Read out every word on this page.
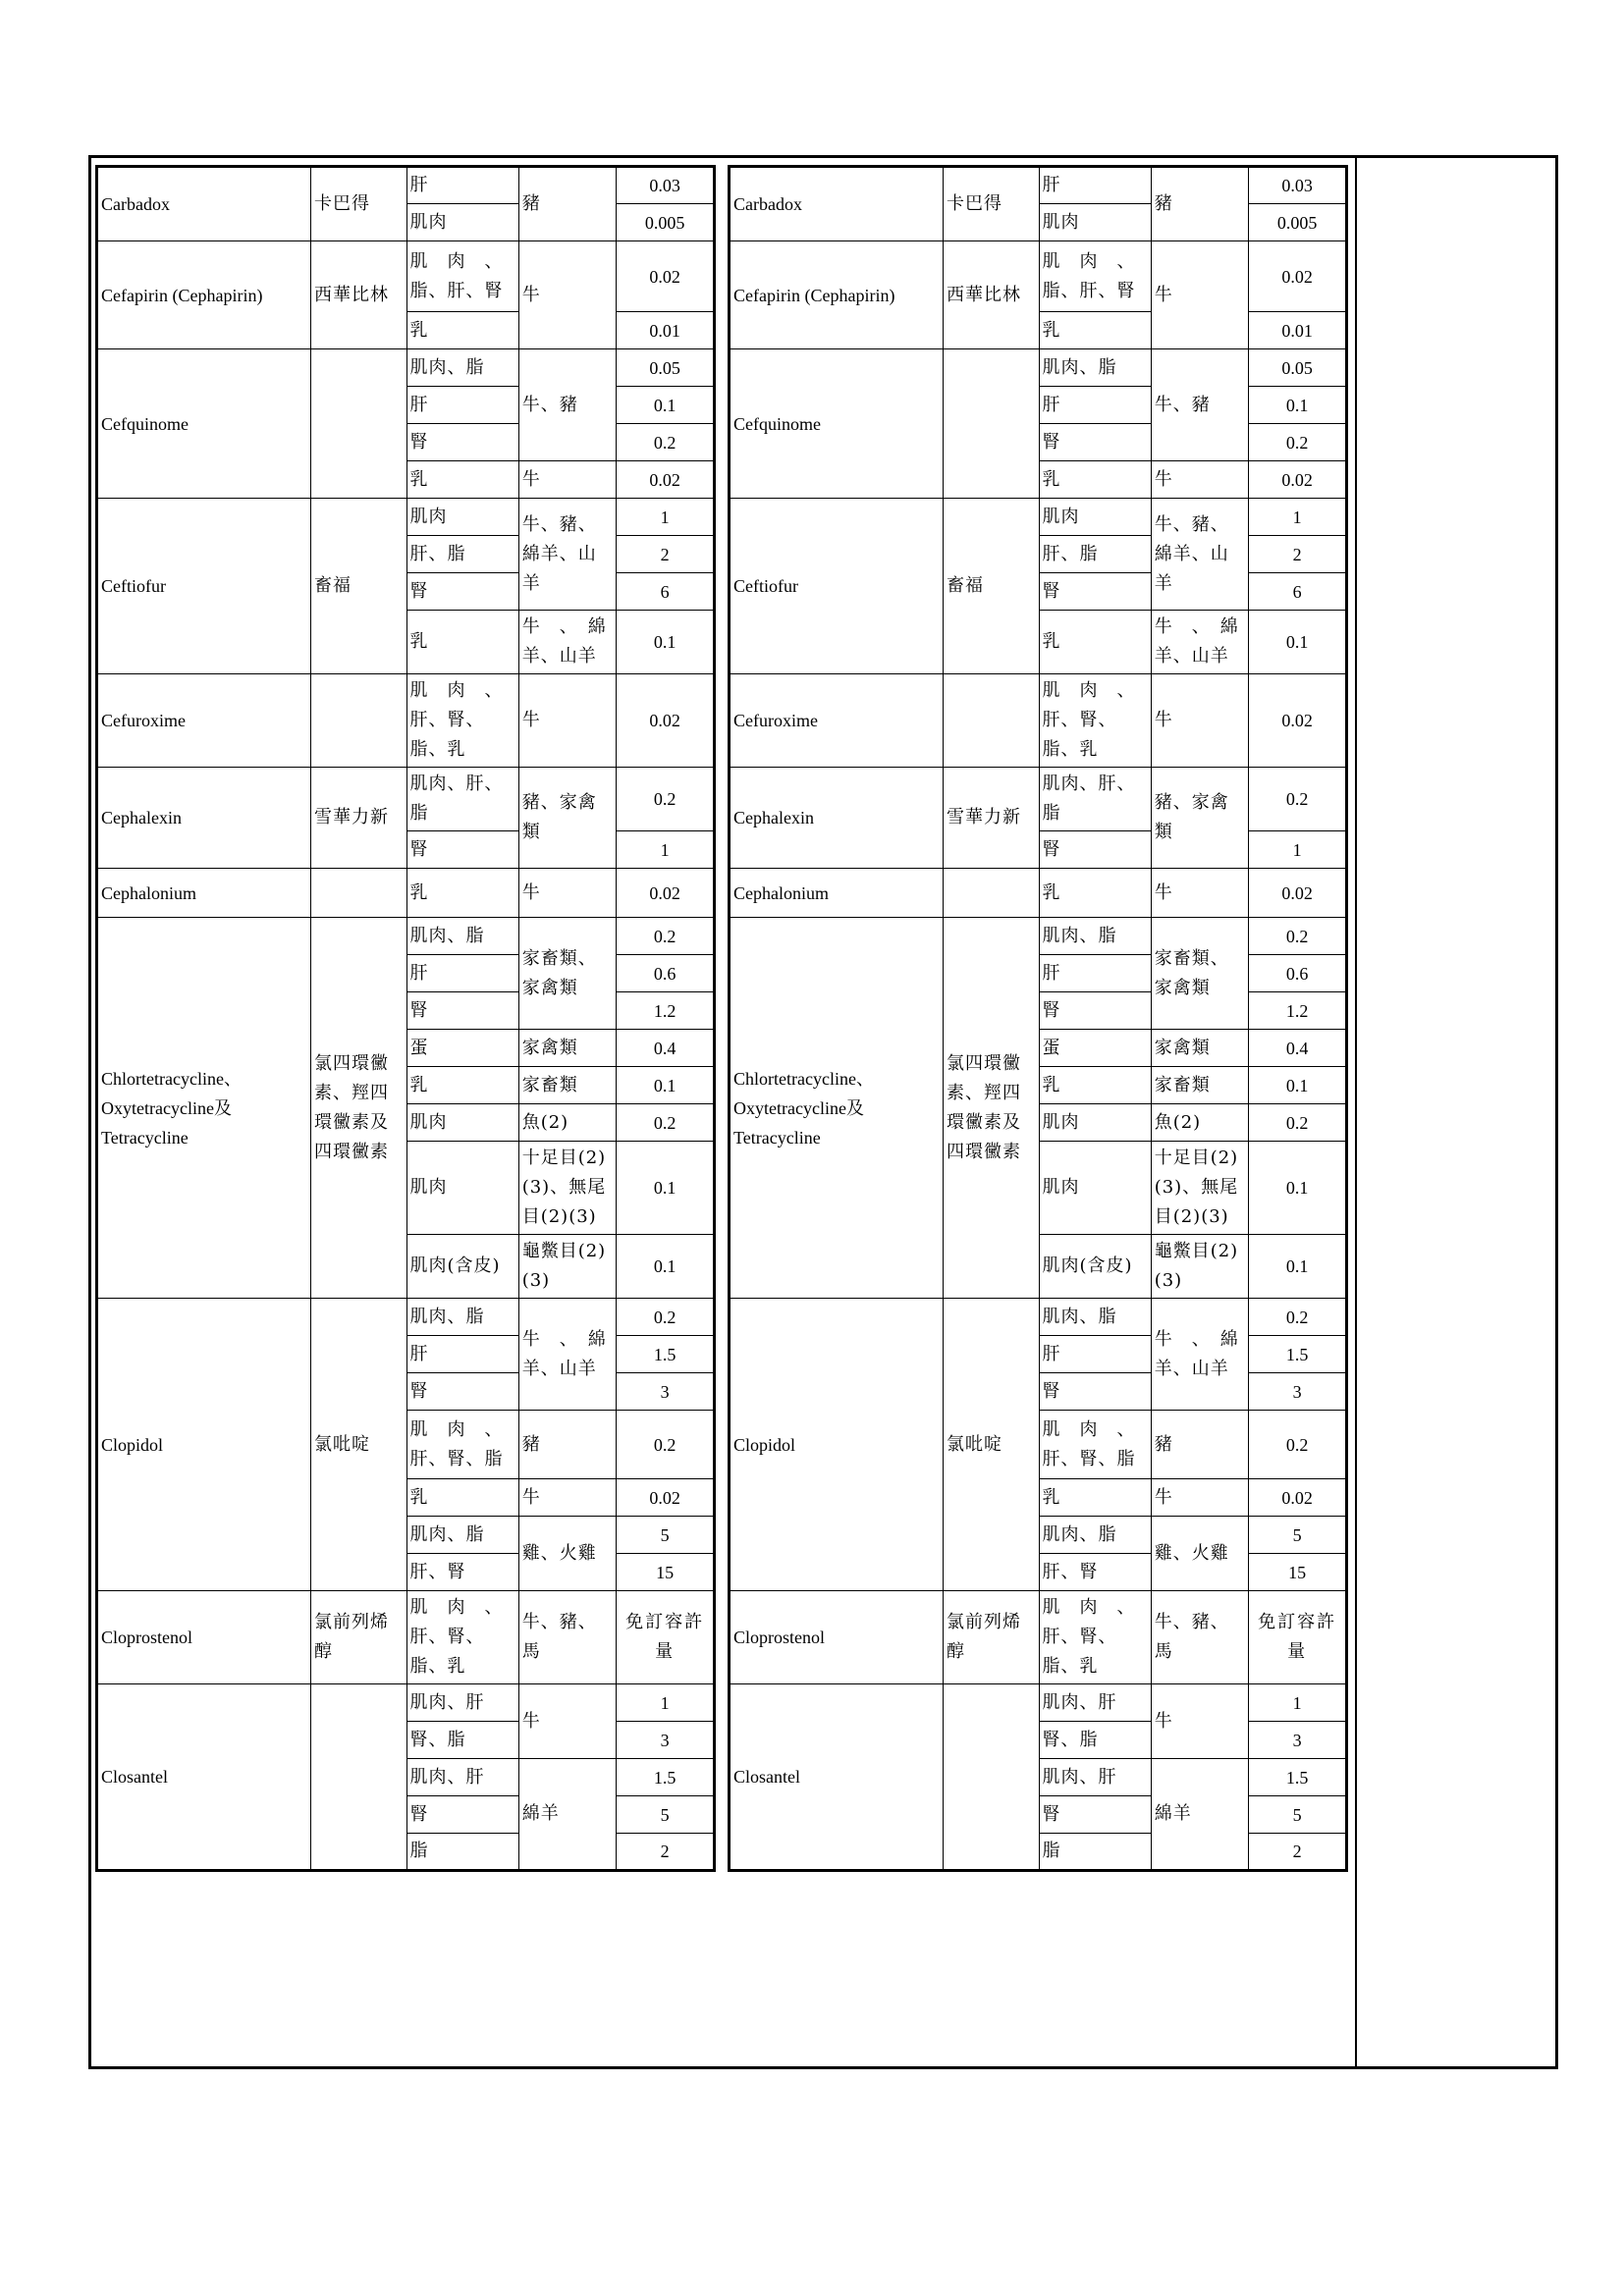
Carbadox	卡巴得	肝	豬	0.03
		肌肉		0.005
Cefapirin (Cephapirin)	西華比林	肌　肉　、脂、肝、腎	牛	0.02
		乳		0.01
Cefquinome		肌肉、脂	牛、豬	0.05
		肝		0.1
		腎		0.2
		乳	牛	0.02
Ceftiofur	畜福	肌肉	牛、豬、綿羊、山羊	1
		肝、脂		2
		腎		6
		乳	牛　、　綿羊、山羊	0.1
Cefuroxime		肌　肉　、肝、腎、脂、乳	牛	0.02
Cephalexin	雪華力新	肌肉、肝、脂	豬、家禽類	0.2
		腎		1
Cephalonium		乳	牛	0.02
Chlortetracycline、Oxytetracycline及Tetracycline	氯四環黴素、羥四環黴素及四環黴素	肌肉、脂	家畜類、家禽類	0.2
		肝		0.6
		腎		1.2
		蛋	家禽類	0.4
		乳	家畜類	0.1
		肌肉	魚(2)	0.2
		肌肉	十足目(2)(3)、無尾目(2)(3)	0.1
		肌肉(含皮)	龜鱉目(2)(3)	0.1
Clopidol	氯吡啶	肌肉、脂	牛　、　綿羊、山羊	0.2
		肝		1.5
		腎		3
		肌　肉　、肝、腎、脂	豬	0.2
		乳	牛	0.02
		肌肉、脂	雞、火雞	5
		肝、腎		15
Cloprostenol	氯前列烯醇	肌　肉　、肝、腎、脂、乳	牛、豬、馬	免訂容許量
Closantel		肌肉、肝	牛	1
		腎、脂		3
		肌肉、肝	綿羊	1.5
		腎		5
		脂		2
Carbadox	卡巴得	肝	豬	0.03
		肌肉		0.005
Cefapirin (Cephapirin)	西華比林	肌　肉　、脂、肝、腎	牛	0.02
		乳		0.01
Cefquinome		肌肉、脂	牛、豬	0.05
		肝		0.1
		腎		0.2
		乳	牛	0.02
Ceftiofur	畜福	肌肉	牛、豬、綿羊、山羊	1
		肝、脂		2
		腎		6
		乳	牛　、　綿羊、山羊	0.1
Cefuroxime		肌　肉　、肝、腎、脂、乳	牛	0.02
Cephalexin	雪華力新	肌肉、肝、脂	豬、家禽類	0.2
		腎		1
Cephalonium		乳	牛	0.02
Chlortetracycline、Oxytetracycline及Tetracycline	氯四環黴素、羥四環黴素及四環黴素	肌肉、脂	家畜類、家禽類	0.2
		肝		0.6
		腎		1.2
		蛋	家禽類	0.4
		乳	家畜類	0.1
		肌肉	魚(2)	0.2
		肌肉	十足目(2)(3)、無尾目(2)(3)	0.1
		肌肉(含皮)	龜鱉目(2)(3)	0.1
Clopidol	氯吡啶	肌肉、脂	牛　、　綿羊、山羊	0.2
		肝		1.5
		腎		3
		肌　肉　、肝、腎、脂	豬	0.2
		乳	牛	0.02
		肌肉、脂	雞、火雞	5
		肝、腎		15
Cloprostenol	氯前列烯醇	肌　肉　、肝、腎、脂、乳	牛、豬、馬	免訂容許量
Closantel		肌肉、肝	牛	1
		腎、脂		3
		肌肉、肝	綿羊	1.5
		腎		5
		脂		2
